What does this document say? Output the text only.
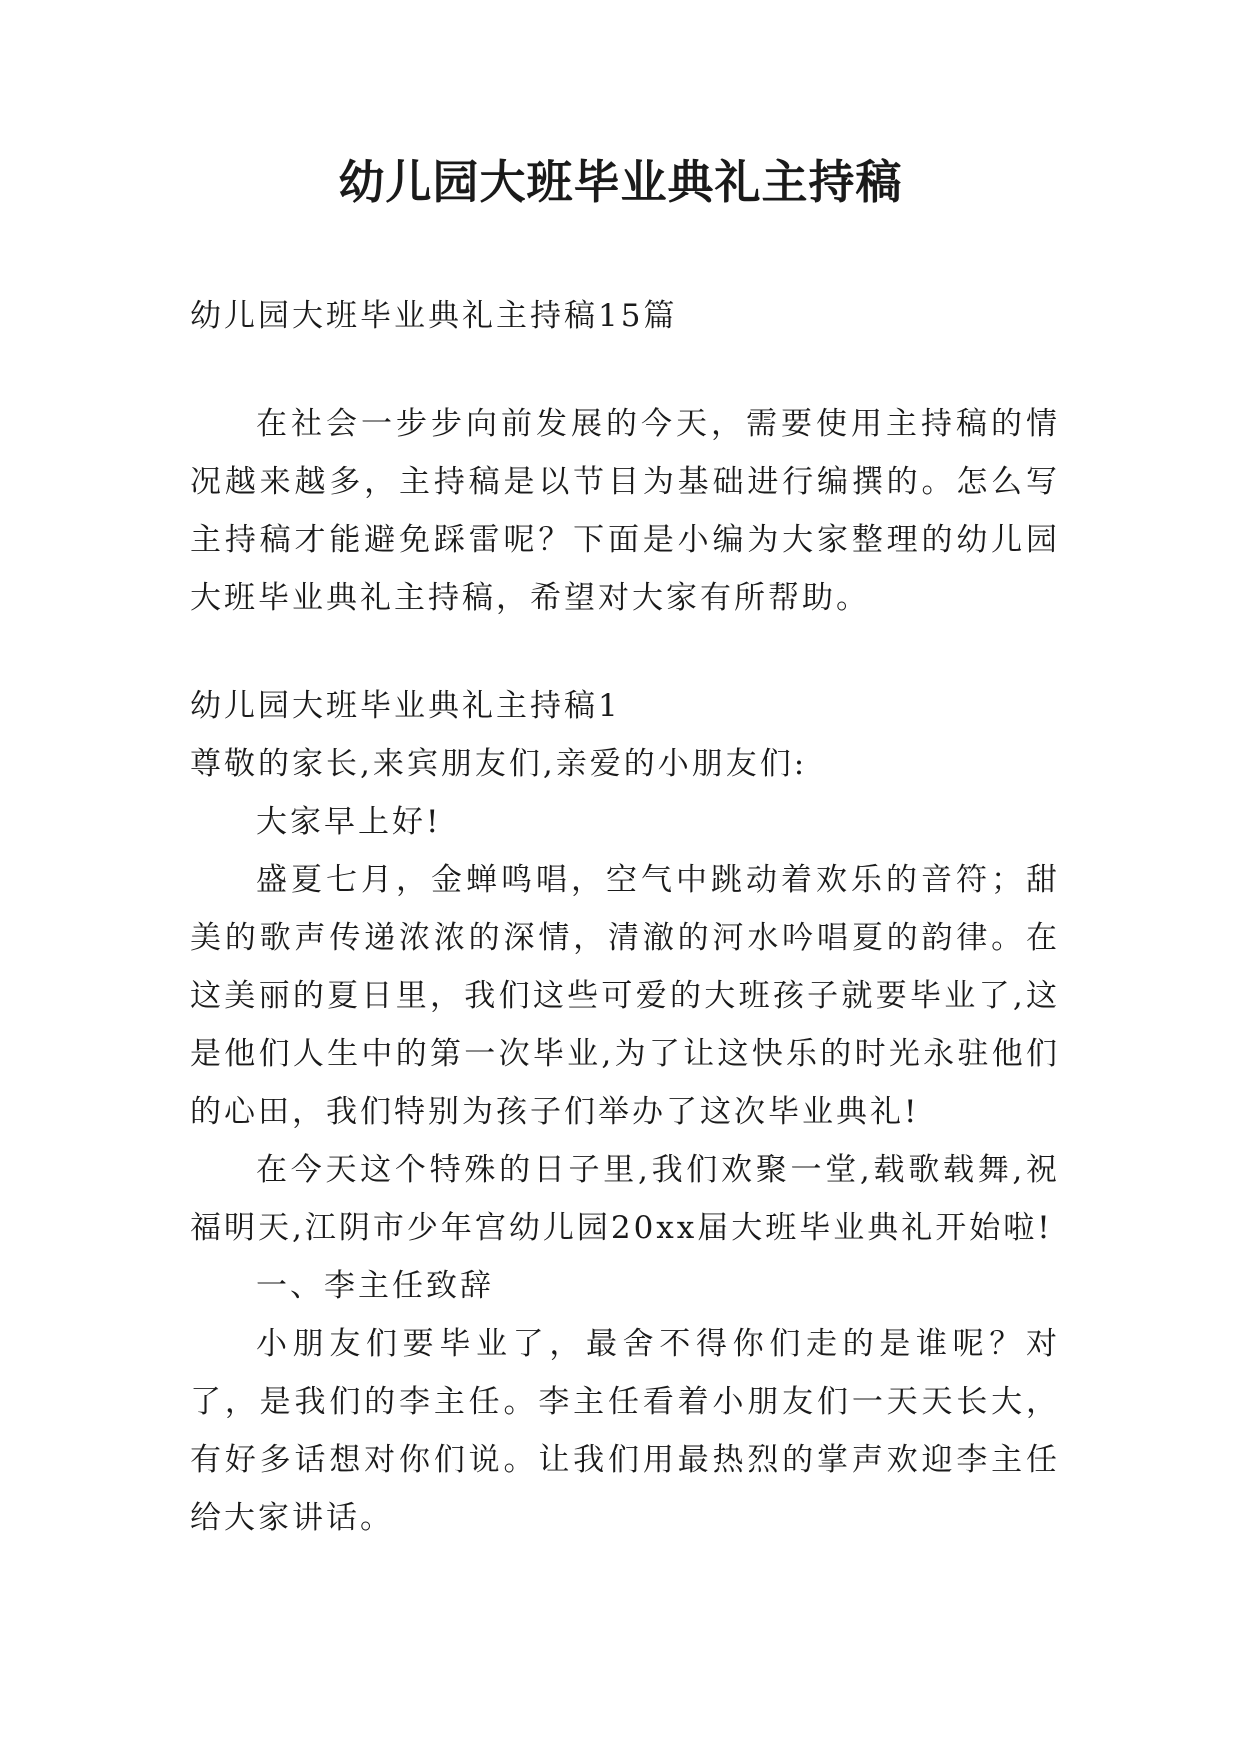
幼儿园大班毕业典礼主持稿

幼儿园大班毕业典礼主持稿15篇

在社会一步步向前发展的今天，需要使用主持稿的情况越来越多，主持稿是以节目为基础进行编撰的。怎么写主持稿才能避免踩雷呢？下面是小编为大家整理的幼儿园大班毕业典礼主持稿，希望对大家有所帮助。

幼儿园大班毕业典礼主持稿1

尊敬的家长,来宾朋友们,亲爱的小朋友们:

大家早上好!

盛夏七月，金蝉鸣唱，空气中跳动着欢乐的音符；甜美的歌声传递浓浓的深情，清澈的河水吟唱夏的韵律。在这美丽的夏日里，我们这些可爱的大班孩子就要毕业了,这是他们人生中的第一次毕业,为了让这快乐的时光永驻他们的心田，我们特别为孩子们举办了这次毕业典礼!

在今天这个特殊的日子里,我们欢聚一堂,载歌载舞,祝福明天,江阴市少年宫幼儿园20xx届大班毕业典礼开始啦!

一、李主任致辞

小朋友们要毕业了，最舍不得你们走的是谁呢？对了，是我们的李主任。李主任看着小朋友们一天天长大，有好多话想对你们说。让我们用最热烈的掌声欢迎李主任给大家讲话。
